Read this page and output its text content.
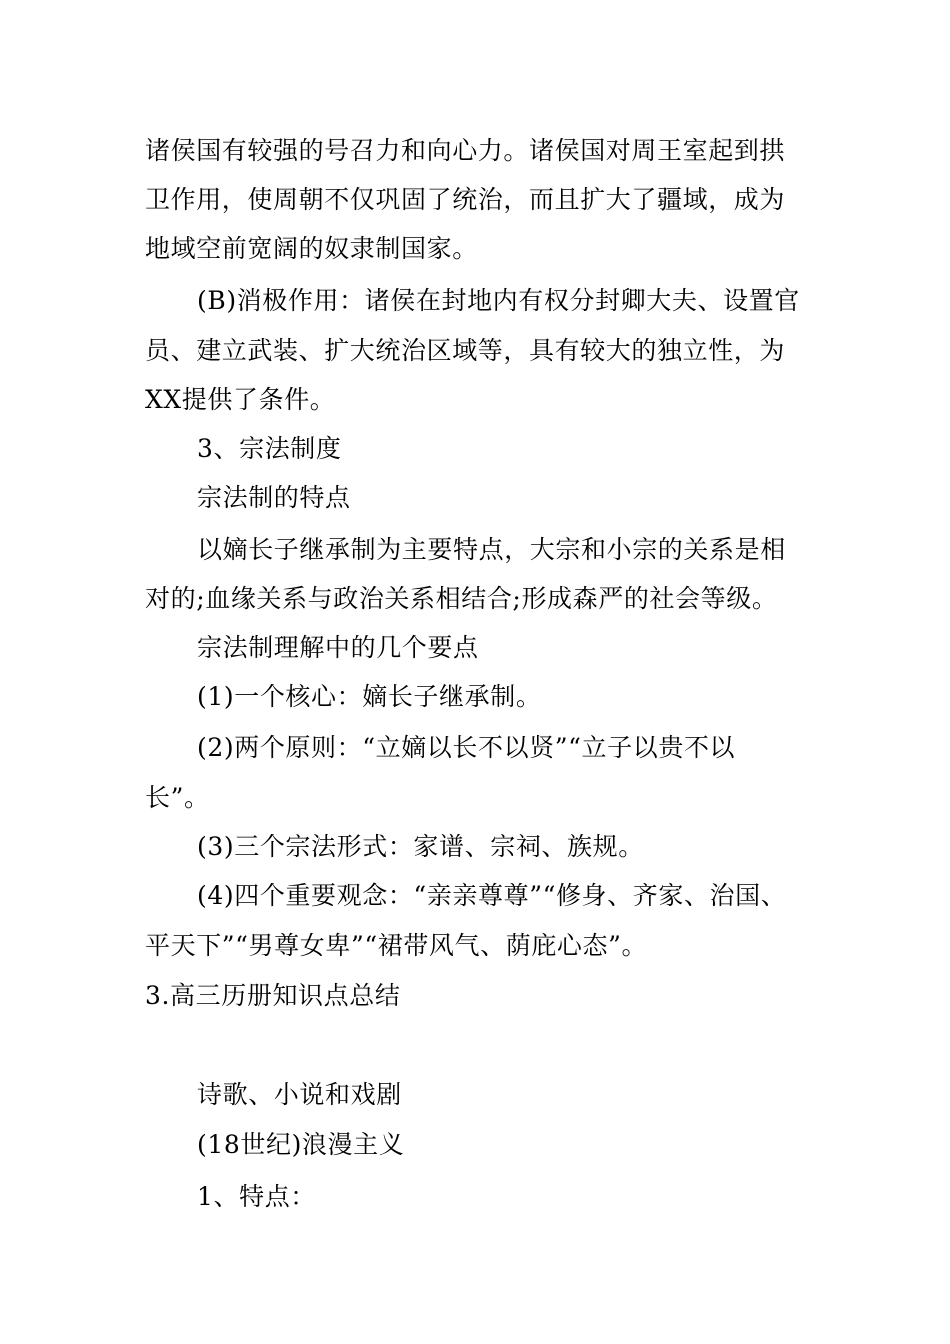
诸侯国有较强的号召力和向心力。诸侯国对周王室起到拱
卫作用，使周朝不仅巩固了统治，而且扩大了疆域，成为
地域空前宽阔的奴隶制国家。
(B)消极作用：诸侯在封地内有权分封卿大夫、设置官
员、建立武装、扩大统治区域等，具有较大的独立性，为
XX提供了条件。
3、宗法制度
宗法制的特点
以嫡长子继承制为主要特点，大宗和小宗的关系是相
对的;血缘关系与政治关系相结合;形成森严的社会等级。
宗法制理解中的几个要点
(1)一个核心：嫡长子继承制。
(2)两个原则：“立嫡以长不以贤”“立子以贵不以
长”。
(3)三个宗法形式：家谱、宗祠、族规。
(4)四个重要观念：“亲亲尊尊”“修身、齐家、治国、
平天下”“男尊女卑”“裙带风气、荫庇心态”。
3.高三历册知识点总结
诗歌、小说和戏剧
(18世纪)浪漫主义
1、特点：
